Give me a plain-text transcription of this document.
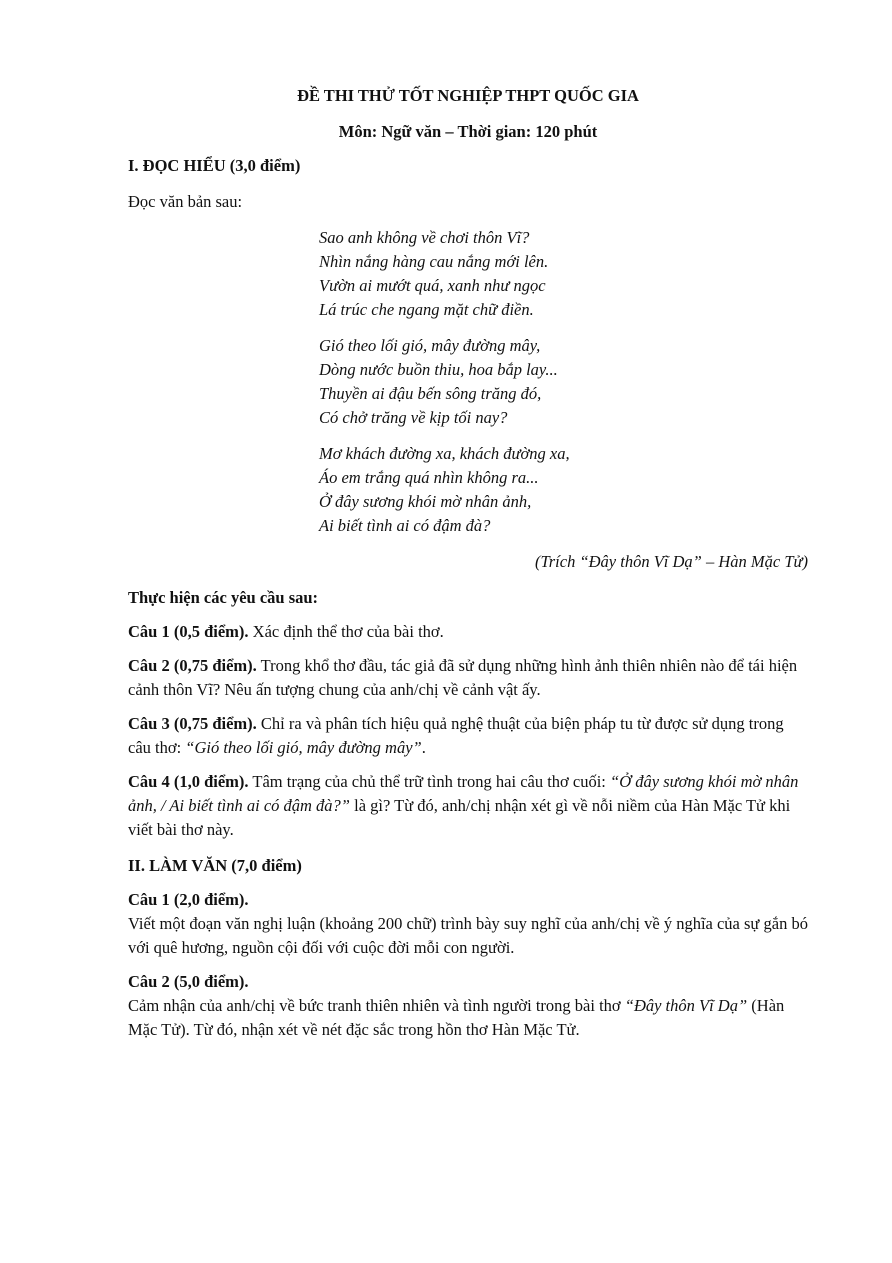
ĐỀ THI THỬ TỐT NGHIỆP THPT QUỐC GIA

Môn: Ngữ văn – Thời gian: 120 phút

I. ĐỌC HIỂU (3,0 điểm)
Đọc văn bản sau:
Sao anh không về chơi thôn Vĩ?
Nhìn nắng hàng cau nắng mới lên.
Vườn ai mướt quá, xanh như ngọc
Lá trúc che ngang mặt chữ điền.
Gió theo lối gió, mây đường mây,
Dòng nước buồn thiu, hoa bắp lay...
Thuyền ai đậu bến sông trăng đó,
Có chở trăng về kịp tối nay?
Mơ khách đường xa, khách đường xa,
Áo em trắng quá nhìn không ra...
Ở đây sương khói mờ nhân ảnh,
Ai biết tình ai có đậm đà?
(Trích “Đây thôn Vĩ Dạ” – Hàn Mặc Tử)
Thực hiện các yêu cầu sau:
Câu 1 (0,5 điểm). Xác định thể thơ của bài thơ.
Câu 2 (0,75 điểm). Trong khổ thơ đầu, tác giả đã sử dụng những hình ảnh thiên nhiên nào để tái hiện cảnh thôn Vĩ? Nêu ấn tượng chung của anh/chị về cảnh vật ấy.
Câu 3 (0,75 điểm). Chỉ ra và phân tích hiệu quả nghệ thuật của biện pháp tu từ được sử dụng trong câu thơ: “Gió theo lối gió, mây đường mây”.
Câu 4 (1,0 điểm). Tâm trạng của chủ thể trữ tình trong hai câu thơ cuối: “Ở đây sương khói mờ nhân ảnh, / Ai biết tình ai có đậm đà?” là gì? Từ đó, anh/chị nhận xét gì về nỗi niềm của Hàn Mặc Tử khi viết bài thơ này.
II. LÀM VĂN (7,0 điểm)
Câu 1 (2,0 điểm).
Viết một đoạn văn nghị luận (khoảng 200 chữ) trình bày suy nghĩ của anh/chị về ý nghĩa của sự gắn bó với quê hương, nguồn cội đối với cuộc đời mỗi con người.
Câu 2 (5,0 điểm).
Cảm nhận của anh/chị về bức tranh thiên nhiên và tình người trong bài thơ “Đây thôn Vĩ Dạ” (Hàn Mặc Tử). Từ đó, nhận xét về nét đặc sắc trong hồn thơ Hàn Mặc Tử.
